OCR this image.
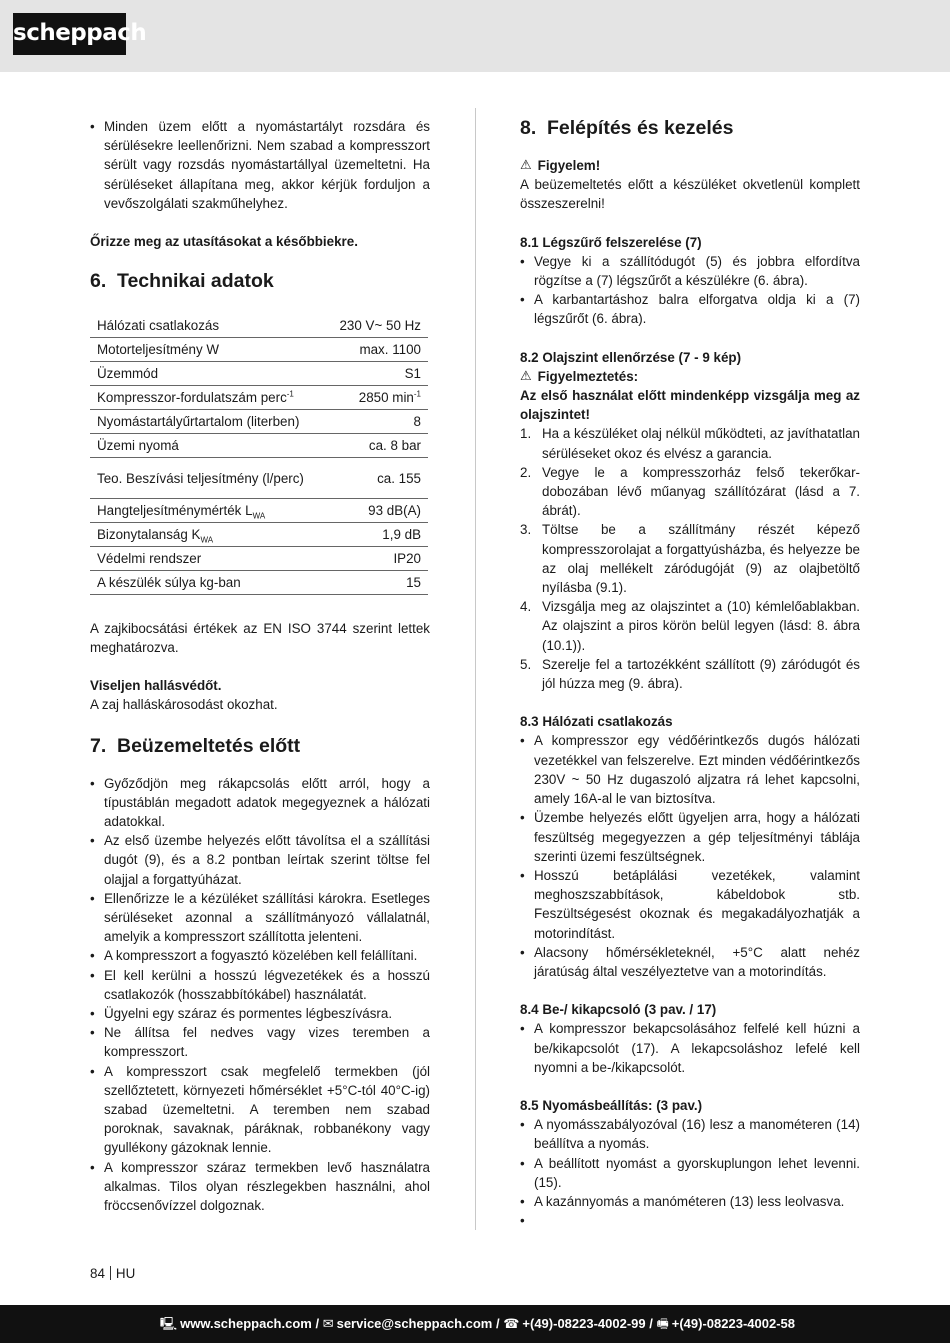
scheppach
• Minden üzem előtt a nyomástartályt rozsdára és sérülésekre leellenőrizni. Nem szabad a kompresszort sérült vagy rozsdás nyomástartállyal üzemeltetni. Ha sérüléseket állapítana meg, akkor kérjük forduljon a vevőszolgálati szakműhelyhez.

Őrizze meg az utasításokat a későbbiekre.

6. Technikai adatok
Hálózati csatlakozás	230 V~ 50 Hz
Motorteljesítmény W	max. 1100
Üzemmód	S1
Kompresszor-fordulatszám perc$^{-1}$	2850 $\min^{-1}$
Nyomástartályűrtartalom (literben)	8
Üzemi nyomá	ca. 8 bar
Teo. Beszívási teljesítmény (l/perc)	ca. 155
Hangteljesítménymérték $L_{WA}$	93 dB(A)
Bizonytalanság $K_{WA}$	1,9 dB
Védelmi rendszer	IP20
A készülék súlya kg-ban	15

A zajkibocsátási értékek az EN ISO 3744 szerint lettek meghatározva.

Viseljen hallásvédőt.

A zaj halláskárosodást okozhat.

7. Beüzemeltetés előtt
• Győződjön meg rákapcsolás előtt arról, hogy a típustáblán megadott adatok megegyeznek a hálózati adatokkal.
• Az első üzembe helyezés előtt távolítsa el a szállítási dugót (9), és a 8.2 pontban leírtak szerint töltse fel olajjal a forgattyúházat.
• Ellenőrizze le a kézüléket szállítási károkra. Esetleges sérüléseket azonnal a szállítmányozó vállalatnál, amelyik a kompresszort szállította jelenteni.
• A kompresszort a fogyasztó közelében kell felállítani.
• El kell kerülni a hosszú légvezetékek és a hosszú csatlakozók (hosszabbítókábel) használatát.
• Ügyelni egy száraz és pormentes légbeszívásra.
• Ne állítsa fel nedves vagy vizes teremben a kompresszort.
• A kompresszort csak megfelelő termekben (jól szellőztetett, környezeti hőmérséklet +5°C-tól 40°C-ig) szabad üzemeltetni. A teremben nem szabad poroknak, savaknak, páráknak, robbanékony vagy gyullékony gázoknak lennie.
• A kompresszor száraz termekben levő használatra alkalmas. Tilos olyan részlegekben használni, ahol fröccsenővízzel dolgoznak.
8. Felépítés és kezelés
⚠ Figyelem!

A beüzemeltetés előtt a készüléket okvetlenül komplett összeszerelni!

8.1 Légszűrő felszerelése (7)

• Vegye ki a szállítódugót (5) és jobbra elfordítva rögzítse a (7) légszűrőt a készülékre (6. ábra).
• A karbantartáshoz balra elforgatva oldja ki a (7) légszűrőt (6. ábra).

8.2 Olajszint ellenőrzése (7 - 9 kép)

⚠ Figyelmeztetés:

Az első használat előtt mindenképp vizsgálja meg az olajszintet!

1. Ha a készüléket olaj nélkül működteti, az javíthatatlan sérüléseket okoz és elvész a garancia.
2. Vegye le a kompresszorház felső tekerőkar-dobozában lévő műanyag szállítózárat (lásd a 7. ábrát).
3. Töltse be a szállítmány részét képező kompresszorolajat a forgattyúsházba, és helyezze be az olaj mellékelt záródugóját (9) az olajbetöltő nyílásba (9.1).
4. Vizsgálja meg az olajszintet a (10) kémlelőablakban. Az olajszint a piros körön belül legyen (lásd: 8. ábra (10.1)).
5. Szerelje fel a tartozékként szállított (9) záródugót és jól húzza meg (9. ábra).

8.3 Hálózati csatlakozás

• A kompresszor egy védőérintkezős dugós hálózati vezetékkel van felszerelve. Ezt minden védőérintkezős 230V ~ 50 Hz dugaszoló aljzatra rá lehet kapcsolni, amely 16A-al le van biztosítva.
• Üzembe helyezés előtt ügyeljen arra, hogy a hálózati feszültség megegyezzen a gép teljesítményi táblája szerinti üzemi feszültségnek.
• Hosszú betáplálási vezetékek, valamint meghoszszabbítások, kábeldobok stb. Feszültségesést okoznak és megakadályozhatják a motorindítást.
• Alacsony hőmérsékleteknél, +5°C alatt nehéz járatúság által veszélyeztetve van a motorindítás.

8.4 Be-/ kikapcsoló (3 pav. / 17)

• A kompresszor bekapcsolásához felfelé kell húzni a be/kikapcsolót (17). A lekapcsoláshoz lefelé kell nyomni a be-/kikapcsolót.

8.5 Nyomásbeállítás: (3 pav.)

• A nyomásszabályozóval (16) lesz a manométeren (14) beállítva a nyomás.
• A beállított nyomást a gyorskuplungon lehet levenni. (15).
• A kazánnyomás a manóméteren (13) less leolvasva.
•
84 HU
🖳 www.scheppach.com / ✉ service@scheppach.com / ☎ +(49)-08223-4002-99 / 🖷 +(49)-08223-4002-58
